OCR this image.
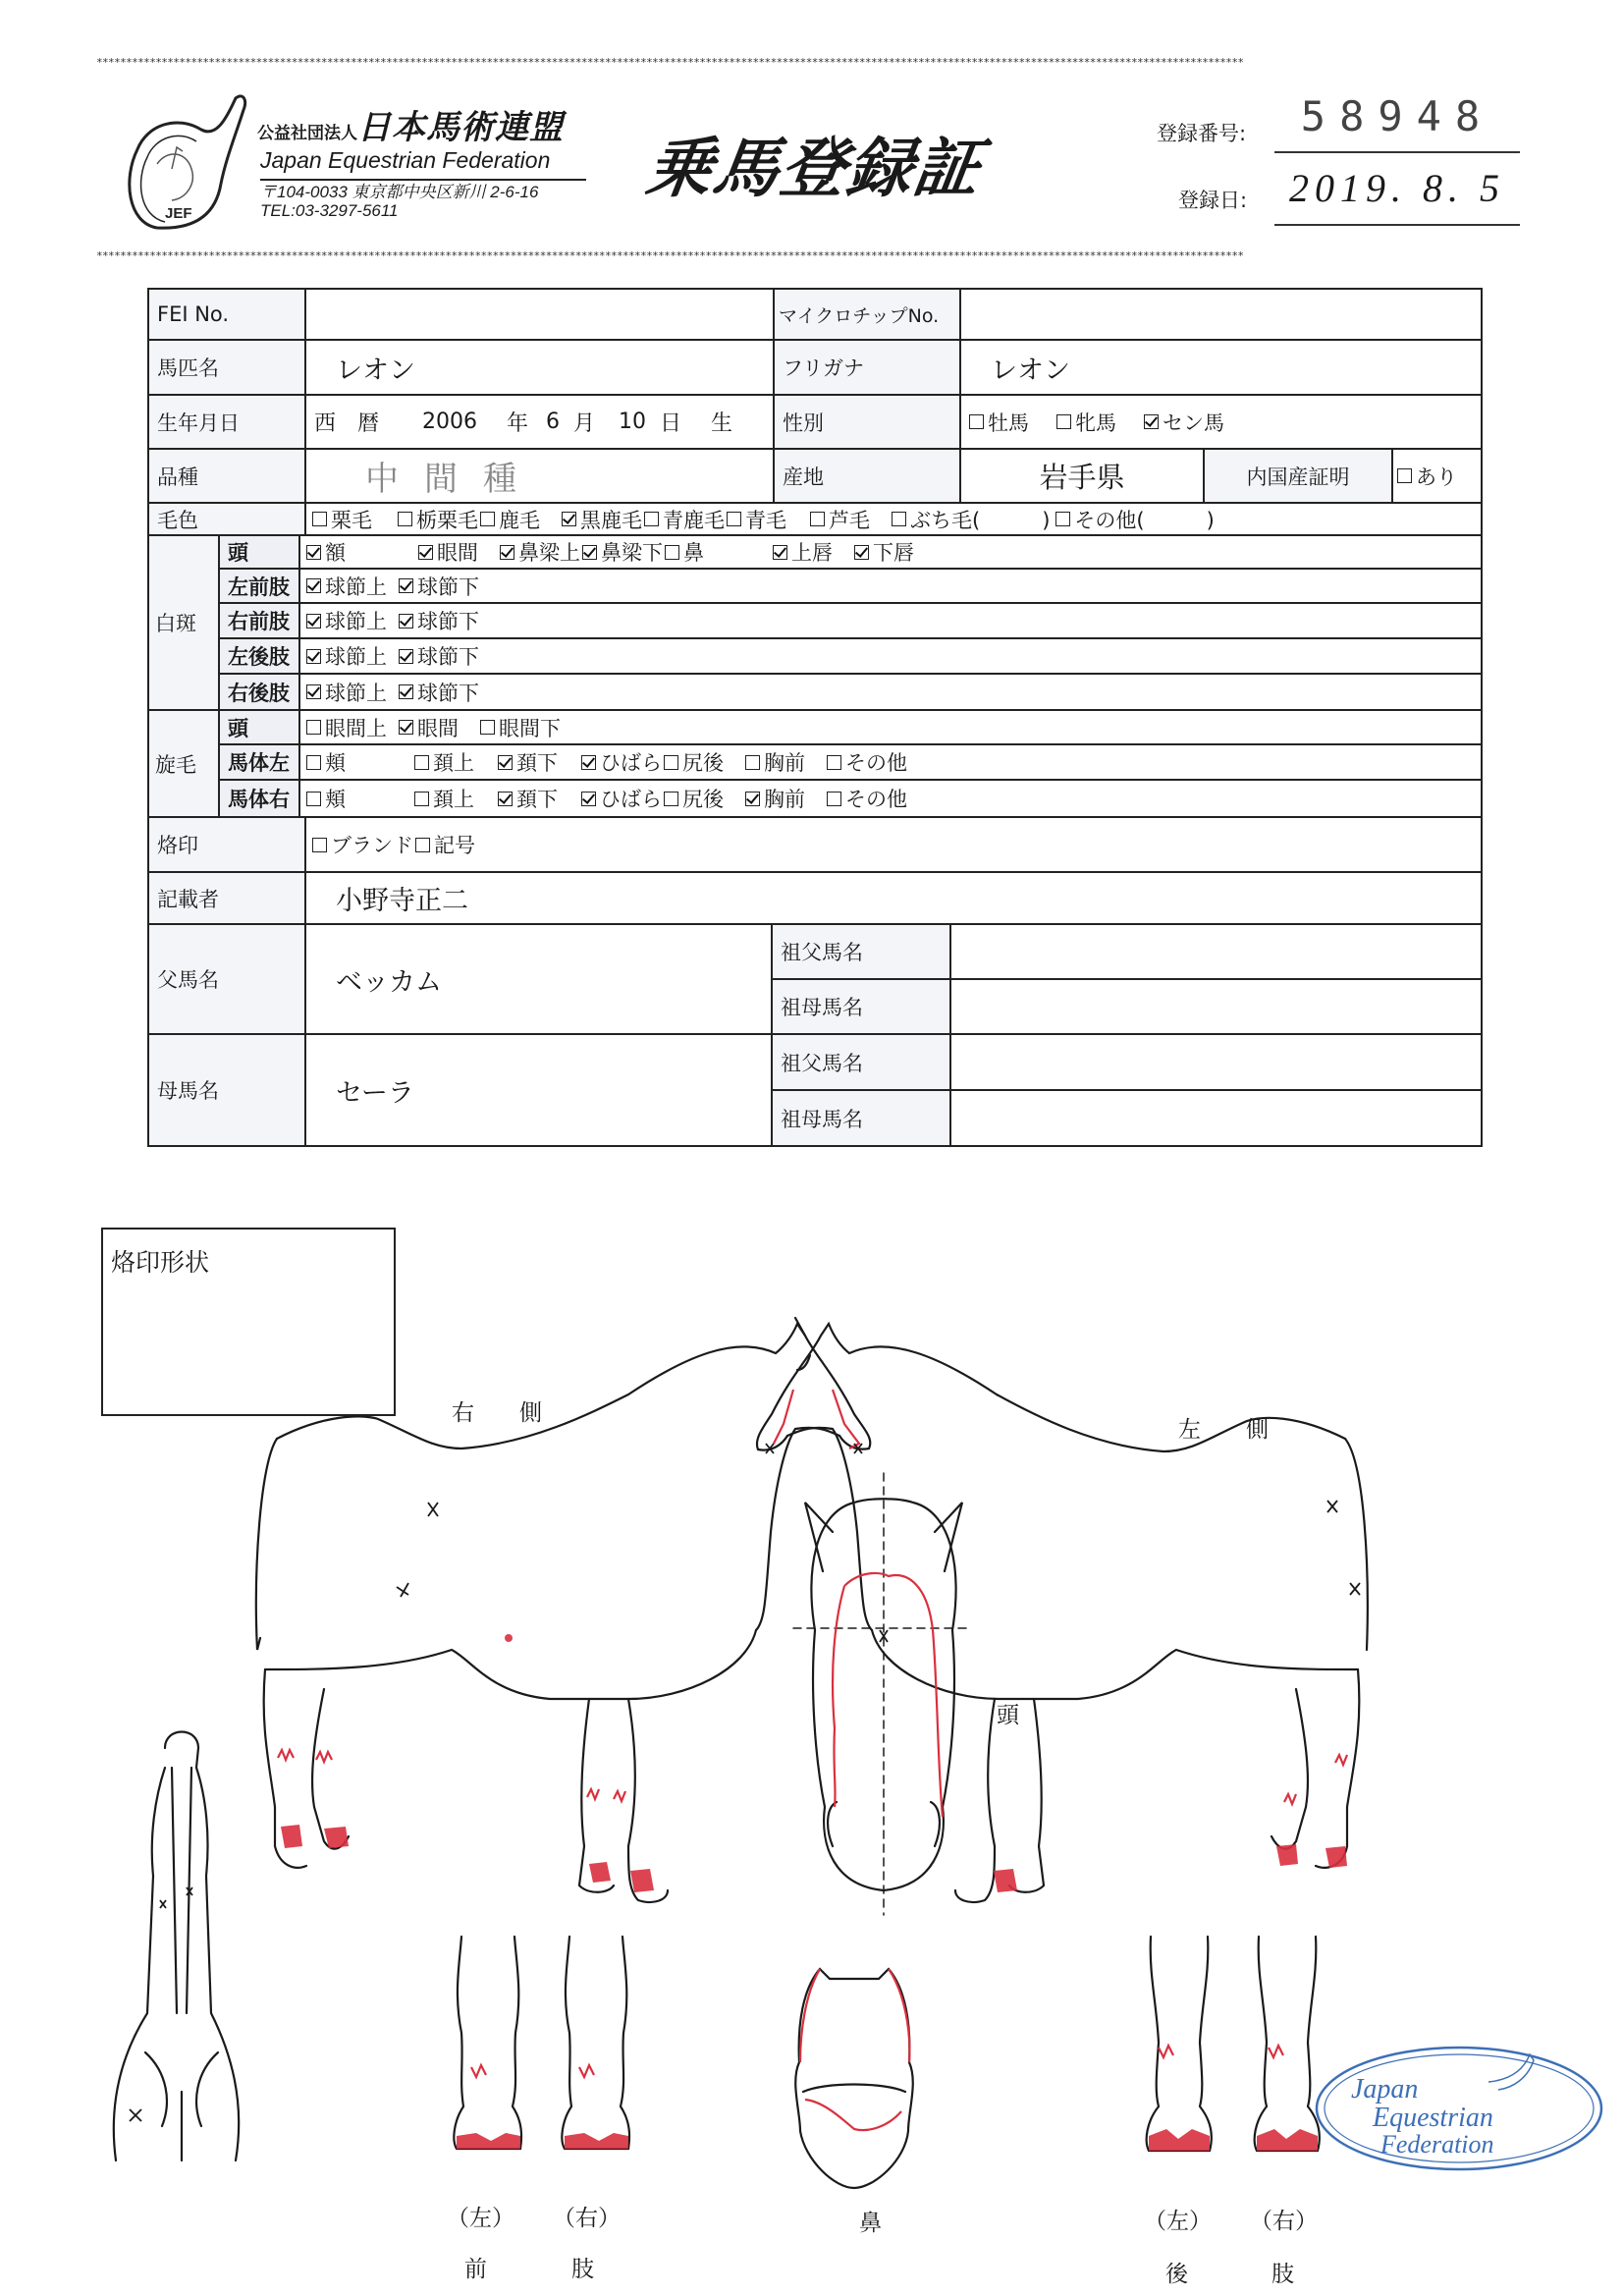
**************************************************************************************************************************************************************************************************
**************************************************************************************************************************************************************************************************
JEF
公益社団法人日本馬術連盟
Japan Equestrian Federation
〒104-0033 東京都中央区新川 2-6-16
TEL:03-3297-5611
乗馬登録証	登録番号:	58948
登録日:	2019. 8. 5
FEI No.	マイクロチップNo.
馬匹名	レオン	フリガナ	レオン
生年月日	西　暦	2006	年 6 月	10 日	生	性別	牡馬 牝馬 セン馬
品種	中間種	産地	岩手県	内国産証明	あり
毛色	栗毛 栃栗毛 鹿毛 黒鹿毛 青鹿毛 青毛 芦毛 ぶち毛(　　　) その他(　　　)
白斑
頭	額	眼間 鼻梁上 鼻梁下 鼻	上唇 下唇
左前肢	球節上 球節下
右前肢	球節上 球節下
左後肢	球節上 球節下
右後肢	球節上 球節下
旋毛
頭	眼間上 眼間 眼間下
馬体左	頬	頚上 頚下 ひばら 尻後 胸前 その他
馬体右	頬	頚上 頚下 ひばら 尻後 胸前 その他
烙印	ブランド 記号
記載者	小野寺正二
父馬名	ベッカム
祖父馬名
祖母馬名
母馬名	セーラ
祖父馬名
祖母馬名
烙印形状
右側
左側
頭
鼻
（左） （右）
前	肢
（左） （右）
後	肢
Japan
Equestrian
Federation
